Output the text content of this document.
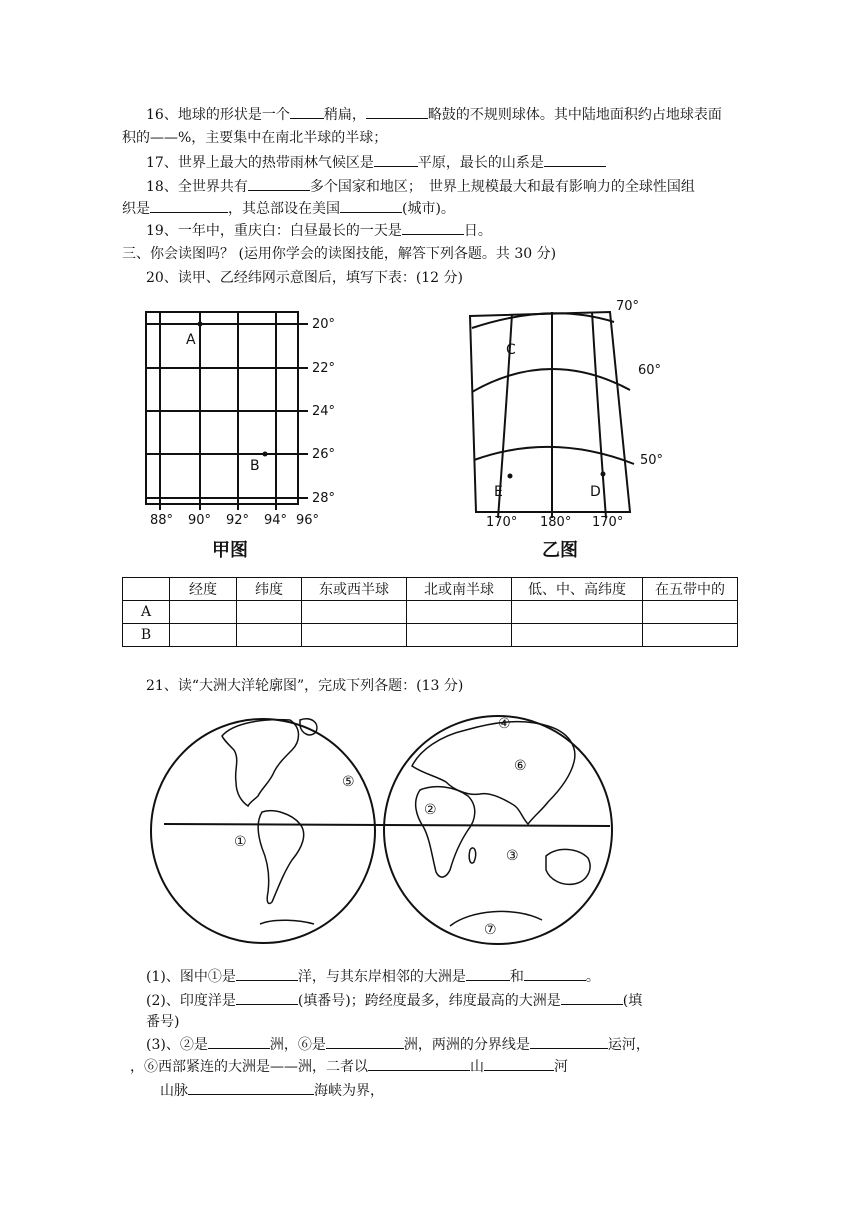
16、地球的形状是一个 稍扁，	略鼓的不规则球体。其中陆地面积约占地球表面
积的——%，主要集中在南北半球的半球；
17、世界上最大的热带雨林气候区是	平原，最长的山系是
18、全世界共有	多个国家和地区；　世界上规模最大和最有影响力的全球性国组
织是	，其总部设在美国	(城市)。
19、一年中，重庆白：白昼最长的一天是	日。
三、你会读图吗？ (运用你学会的读图技能，解答下列各题。共 30 分)
20、读甲、乙经纬网示意图后，填写下表：(12 分)
20°
22°
24°
26°
28°
88° 90° 92° 94° 96°
A
B
甲图
70°
60°
50°
170° 180° 170°
C
D
E
乙图
	经度	纬度	东或西半球	北或南半球	低、中、高纬度	在五带中的
A						
B						
21、读“大洲大洋轮廓图”，完成下列各题：(13 分)
①
②
③
④
⑤
⑥
⑦
(1)、图中①是	洋，与其东岸相邻的大洲是	和	。
(2)、印度洋是	(填番号)；跨经度最多，纬度最高的大洲是	(填
番号)
(3)、②是	洲，⑥是	洲，两洲的分界线是	运河，
，⑥西部紧连的大洲是——洲，二者以	山	河
山脉	海峡为界，
